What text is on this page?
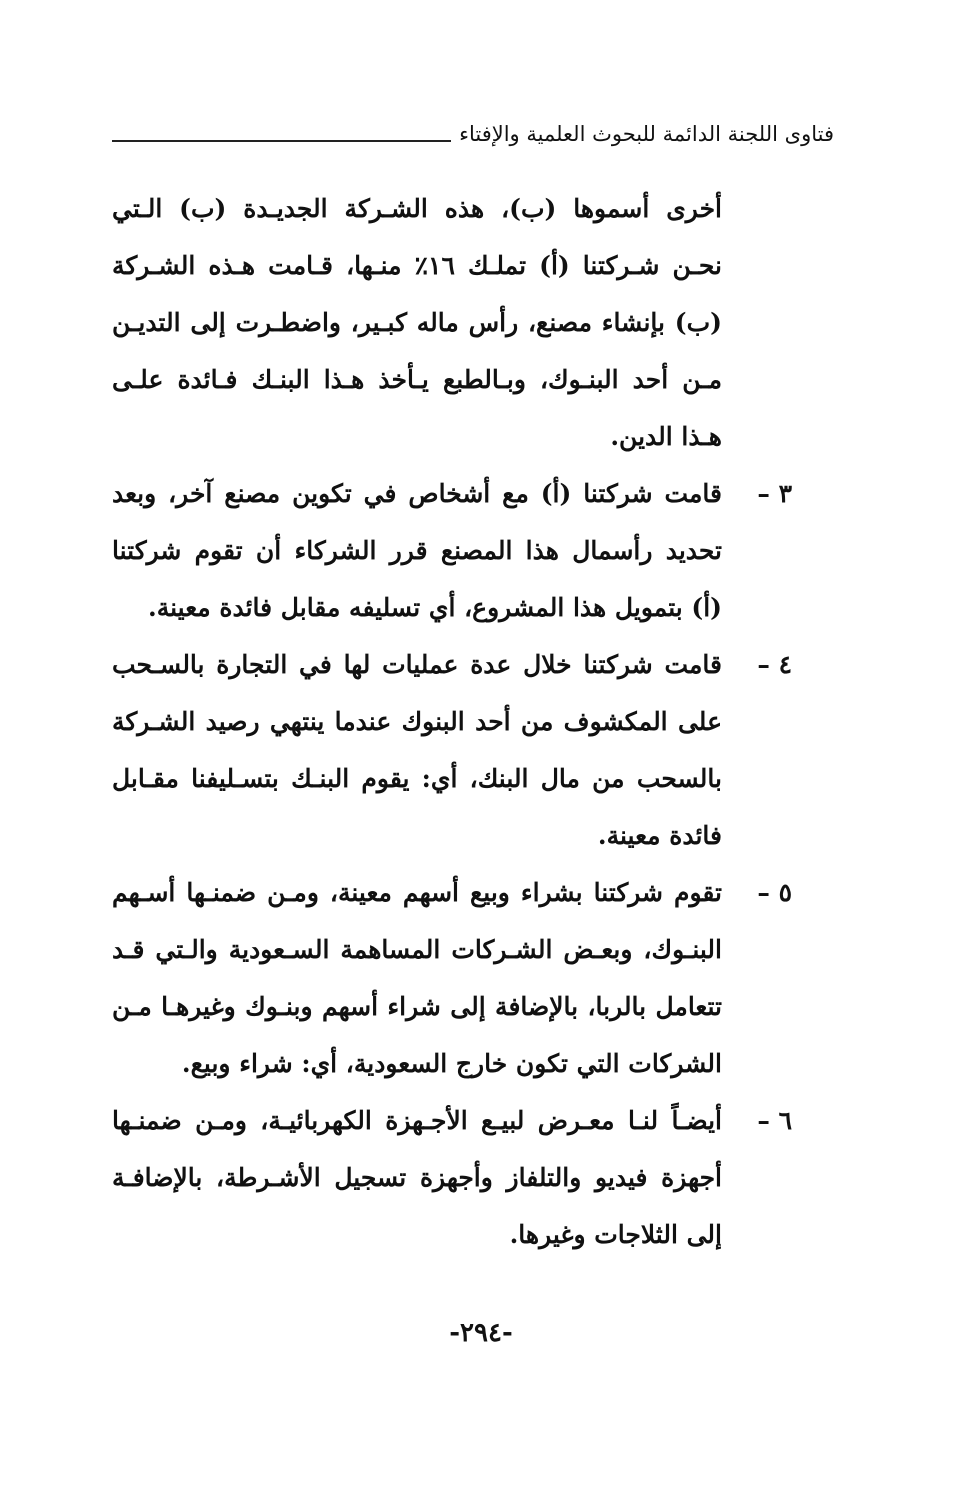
فتاوى اللجنة الدائمة للبحوث العلمية والإفتاء

أخرى أسموها (ب)، هذه الشـركة الجديـدة (ب) الـتي نحـن شـركتنا (أ) تملـك ١٦٪ منـها، قـامت هـذه الشـركة (ب) بإنشاء مصنع، رأس ماله كبـير، واضطـرت إلى التديـن مـن أحد البنـوك، وبـالطبع يـأخذ هـذا البنـك فـائدة علـى هـذا الدين.

٣ –

قامت شركتنا (أ) مع أشخاص في تكوين مصنع آخر، وبعد تحديد رأسمال هذا المصنع قرر الشركاء أن تقوم شركتنا (أ) بتمويل هذا المشروع، أي تسليفه مقابل فائدة معينة.

٤ –

قامت شركتنا خلال عدة عمليات لها في التجارة بالسـحب على المكشوف من أحد البنوك عندما ينتهي رصيد الشـركة بالسحب من مال البنك، أي: يقوم البنـك بتسـليفنا مقـابل فائدة معينة.

٥ –

تقوم شركتنا بشراء وبيع أسهم معينة، ومـن ضمنـها أسـهم البنـوك، وبعـض الشـركات المساهمة السـعودية والـتي قـد تتعامل بالربا، بالإضافة إلى شراء أسهم وبنـوك وغيرهـا مـن الشركات التي تكون خارج السعودية، أي: شراء وبيع.

٦ –

أيضـاً لنـا معـرض لبيـع الأجـهزة الكهربائيـة، ومـن ضمنـها أجهزة فيديو والتلفاز وأجهزة تسجيل الأشـرطة، بالإضافـة إلى الثلاجات وغيرها.

-٢٩٤-
